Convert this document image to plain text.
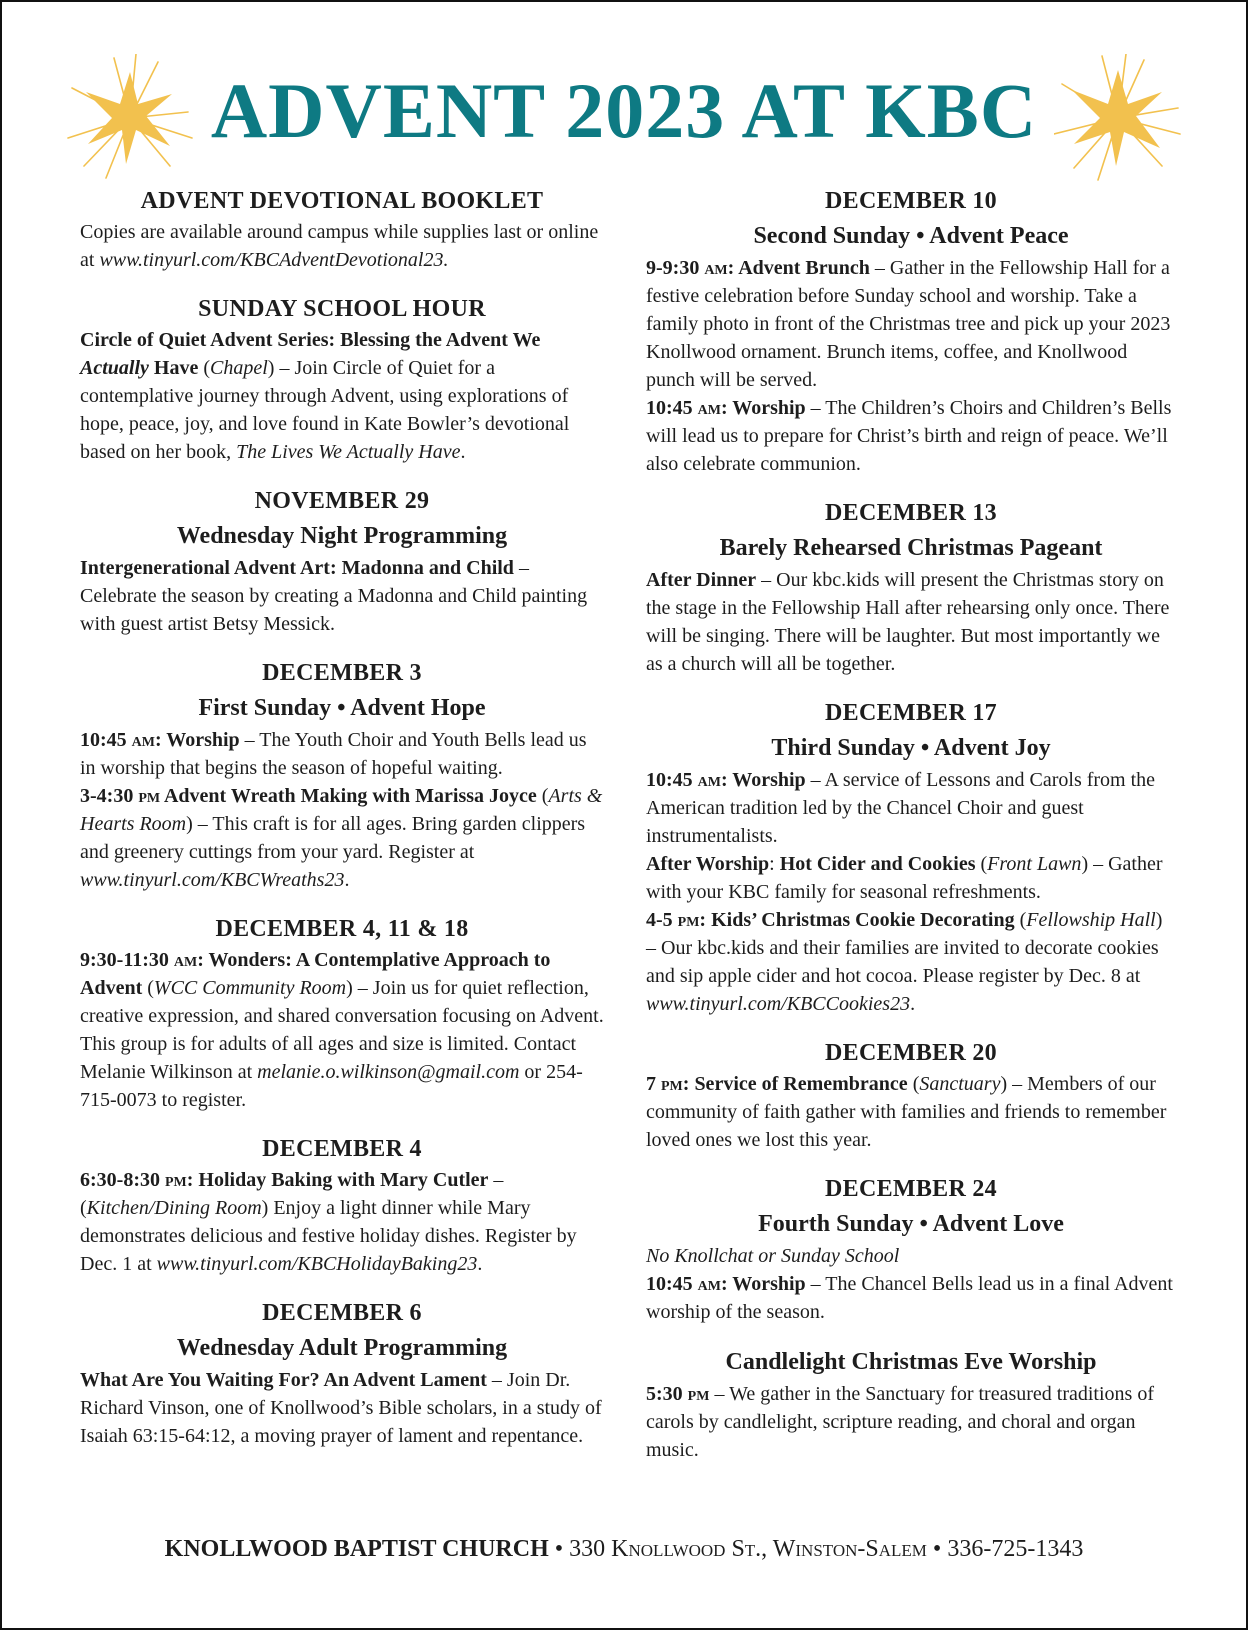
ADVENT 2023 AT KBC
ADVENT DEVOTIONAL BOOKLET

Copies are available around campus while supplies last or online at www.tinyurl.com/KBCAdventDevotional23.

SUNDAY SCHOOL HOUR

Circle of Quiet Advent Series: Blessing the Advent We Actually Have (Chapel) – Join Circle of Quiet for a contemplative journey through Advent, using explorations of hope, peace, joy, and love found in Kate Bowler’s devotional based on her book, The Lives We Actually Have.

NOVEMBER 29
Wednesday Night Programming

Intergenerational Advent Art: Madonna and Child – Celebrate the season by creating a Madonna and Child painting with guest artist Betsy Messick.

DECEMBER 3
First Sunday • Advent Hope

10:45 am: Worship – The Youth Choir and Youth Bells lead us in worship that begins the season of hopeful waiting.

3-4:30 pm Advent Wreath Making with Marissa Joyce (Arts & Hearts Room) – This craft is for all ages. Bring garden clippers and greenery cuttings from your yard. Register at www.tinyurl.com/KBCWreaths23.

DECEMBER 4, 11 & 18

9:30-11:30 am: Wonders: A Contemplative Approach to Advent (WCC Community Room) – Join us for quiet reflection, creative expression, and shared conversation focusing on Advent. This group is for adults of all ages and size is limited. Contact Melanie Wilkinson at melanie.o.wilkinson@gmail.com or 254-715-0073 to register.

DECEMBER 4

6:30-8:30 pm: Holiday Baking with Mary Cutler – (Kitchen/Dining Room) Enjoy a light dinner while Mary demonstrates delicious and festive holiday dishes. Register by Dec. 1 at www.tinyurl.com/KBCHolidayBaking23.

DECEMBER 6
Wednesday Adult Programming

What Are You Waiting For? An Advent Lament – Join Dr. Richard Vinson, one of Knollwood’s Bible scholars, in a study of Isaiah 63:15-64:12, a moving prayer of lament and repentance.

DECEMBER 10
Second Sunday • Advent Peace

9-9:30 am: Advent Brunch – Gather in the Fellowship Hall for a festive celebration before Sunday school and worship. Take a family photo in front of the Christmas tree and pick up your 2023 Knollwood ornament. Brunch items, coffee, and Knollwood punch will be served.

10:45 am: Worship – The Children’s Choirs and Children’s Bells will lead us to prepare for Christ’s birth and reign of peace. We’ll also celebrate communion.

DECEMBER 13
Barely Rehearsed Christmas Pageant

After Dinner – Our kbc.kids will present the Christmas story on the stage in the Fellowship Hall after rehearsing only once. There will be singing. There will be laughter. But most importantly we as a church will all be together.

DECEMBER 17
Third Sunday • Advent Joy

10:45 am: Worship – A service of Lessons and Carols from the American tradition led by the Chancel Choir and guest instrumentalists.

After Worship: Hot Cider and Cookies (Front Lawn) – Gather with your KBC family for seasonal refreshments.

4-5 pm: Kids’ Christmas Cookie Decorating (Fellowship Hall) – Our kbc.kids and their families are invited to decorate cookies and sip apple cider and hot cocoa. Please register by Dec. 8 at www.tinyurl.com/KBCCookies23.

DECEMBER 20

7 pm: Service of Remembrance (Sanctuary) – Members of our community of faith gather with families and friends to remember loved ones we lost this year.

DECEMBER 24
Fourth Sunday • Advent Love

No Knollchat or Sunday School

10:45 am: Worship – The Chancel Bells lead us in a final Advent worship of the season.

Candlelight Christmas Eve Worship

5:30 pm – We gather in the Sanctuary for treasured traditions of carols by candlelight, scripture reading, and choral and organ music.

KNOLLWOOD BAPTIST CHURCH • 330 Knollwood St., Winston-Salem • 336-725-1343
